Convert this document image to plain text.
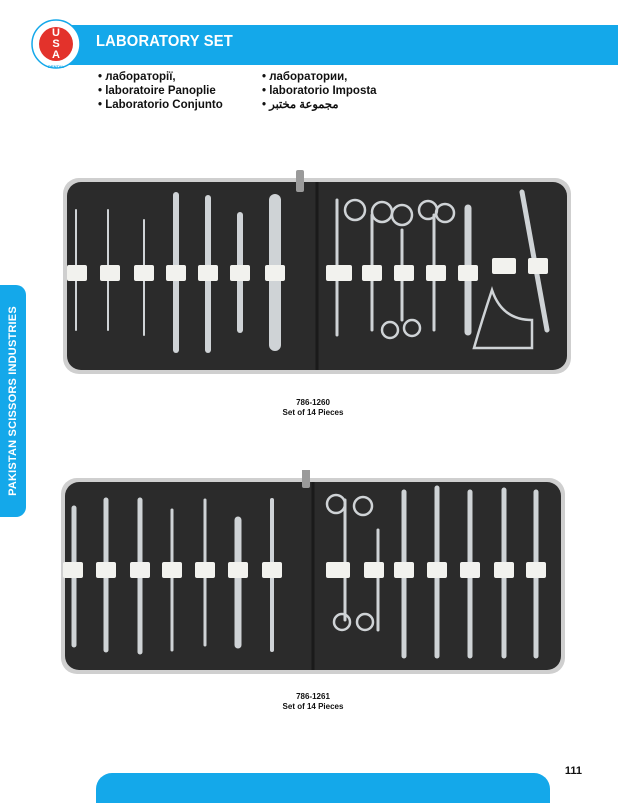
LABORATORY SET
U
S
A
DENTAL
• лабораторії,
• laboratoire Panoplie
• Laboratorio Conjunto
• лаборатории,
• laboratorio Imposta
• مجموعة مختبر
PAKISTAN SCISSORS INDUSTRIES	786-1260
Set of 14 Pieces
786-1261
Set of 14 Pieces
111
